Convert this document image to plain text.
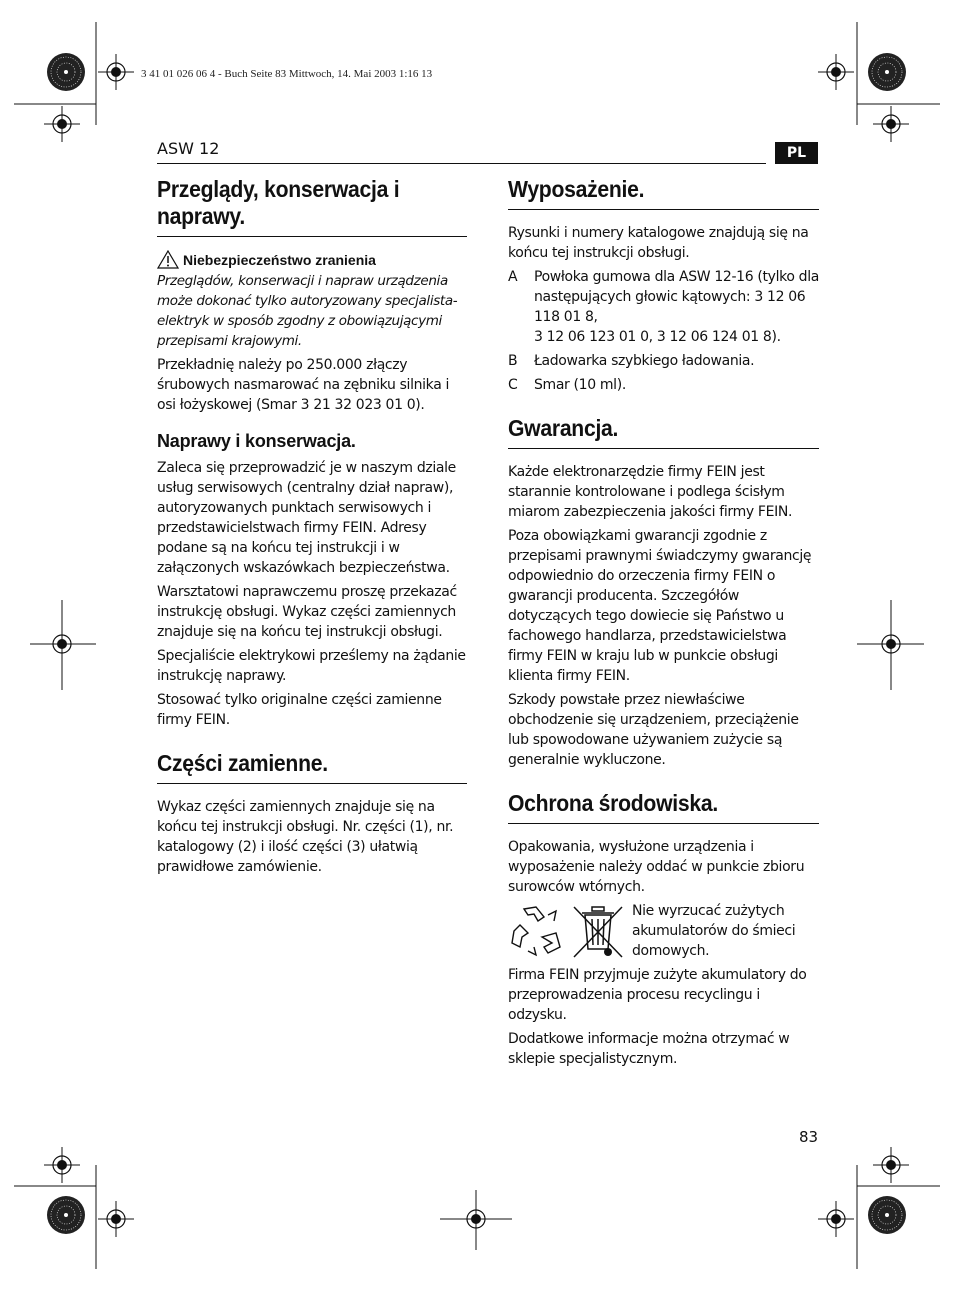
3 41 01 026 06 4 - Buch Seite 83 Mittwoch, 14. Mai 2003 1:16 13
ASW 12	PL
Przeglądy, konserwacja i naprawy.
Niebezpieczeństwo zranienia

Przeglądów, konserwacji i napraw urządzenia może dokonać tylko autoryzowany specjalista-elektryk w sposób zgodny z obowiązującymi przepisami krajowymi.

Przekładnię należy po 250.000 złączy śrubowych nasmarować na zębniku silnika i osi łożyskowej (Smar 3 21 32 023 01 0).

Naprawy i konserwacja.

Zaleca się przeprowadzić je w naszym dziale usług serwisowych (centralny dział napraw), autoryzowanych punktach serwisowych i przedstawicielstwach firmy FEIN. Adresy podane są na końcu tej instrukcji i w załączonych wskazówkach bezpieczeństwa.

Warsztatowi naprawczemu proszę przekazać instrukcję obsługi. Wykaz części zamiennych znajduje się na końcu tej instrukcji obsługi.

Specjaliście elektrykowi prześlemy na żądanie instrukcję naprawy.

Stosować tylko originalne części zamienne firmy FEIN.

Części zamienne.

Wykaz części zamiennych znajduje się na końcu tej instrukcji obsługi. Nr. części (1), nr. katalogowy (2) i ilość części (3) ułatwią prawidłowe zamówienie.

Wyposażenie.

Rysunki i numery katalogowe znajdują się na końcu tej instrukcji obsługi.

A	Powłoka gumowa dla ASW 12-16 (tylko dla następujących głowic kątowych: 3 12 06 118 01 8,

3 12 06 123 01 0, 3 12 06 124 01 8).

B	Ładowarka szybkiego ładowania.

C	Smar (10 ml).

Gwarancja.

Każde elektronarzędzie firmy FEIN jest starannie kontrolowane i podlega ścisłym miarom zabezpieczenia jakości firmy FEIN.

Poza obowiązkami gwarancji zgodnie z przepisami prawnymi świadczymy gwarancję odpowiednio do orzeczenia firmy FEIN o gwarancji producenta. Szczegółów dotyczących tego dowiecie się Państwo u fachowego handlarza, przedstawicielstwa firmy FEIN w kraju lub w punkcie obsługi klienta firmy FEIN.

Szkody powstałe przez niewłaściwe obchodzenie się urządzeniem, przeciążenie lub spowodowane używaniem zużycie są generalnie wykluczone.

Ochrona środowiska.

Opakowania, wysłużone urządzenia i wyposażenie należy oddać w punkcie zbioru surowców wtórnych.

Nie wyrzucać zużytych akumulatorów do śmieci domowych.

Firma FEIN przyjmuje zużyte akumulatory do przeprowadzenia procesu recyclingu i odzysku.

Dodatkowe informacje można otrzymać w sklepie specjalistycznym.

83
